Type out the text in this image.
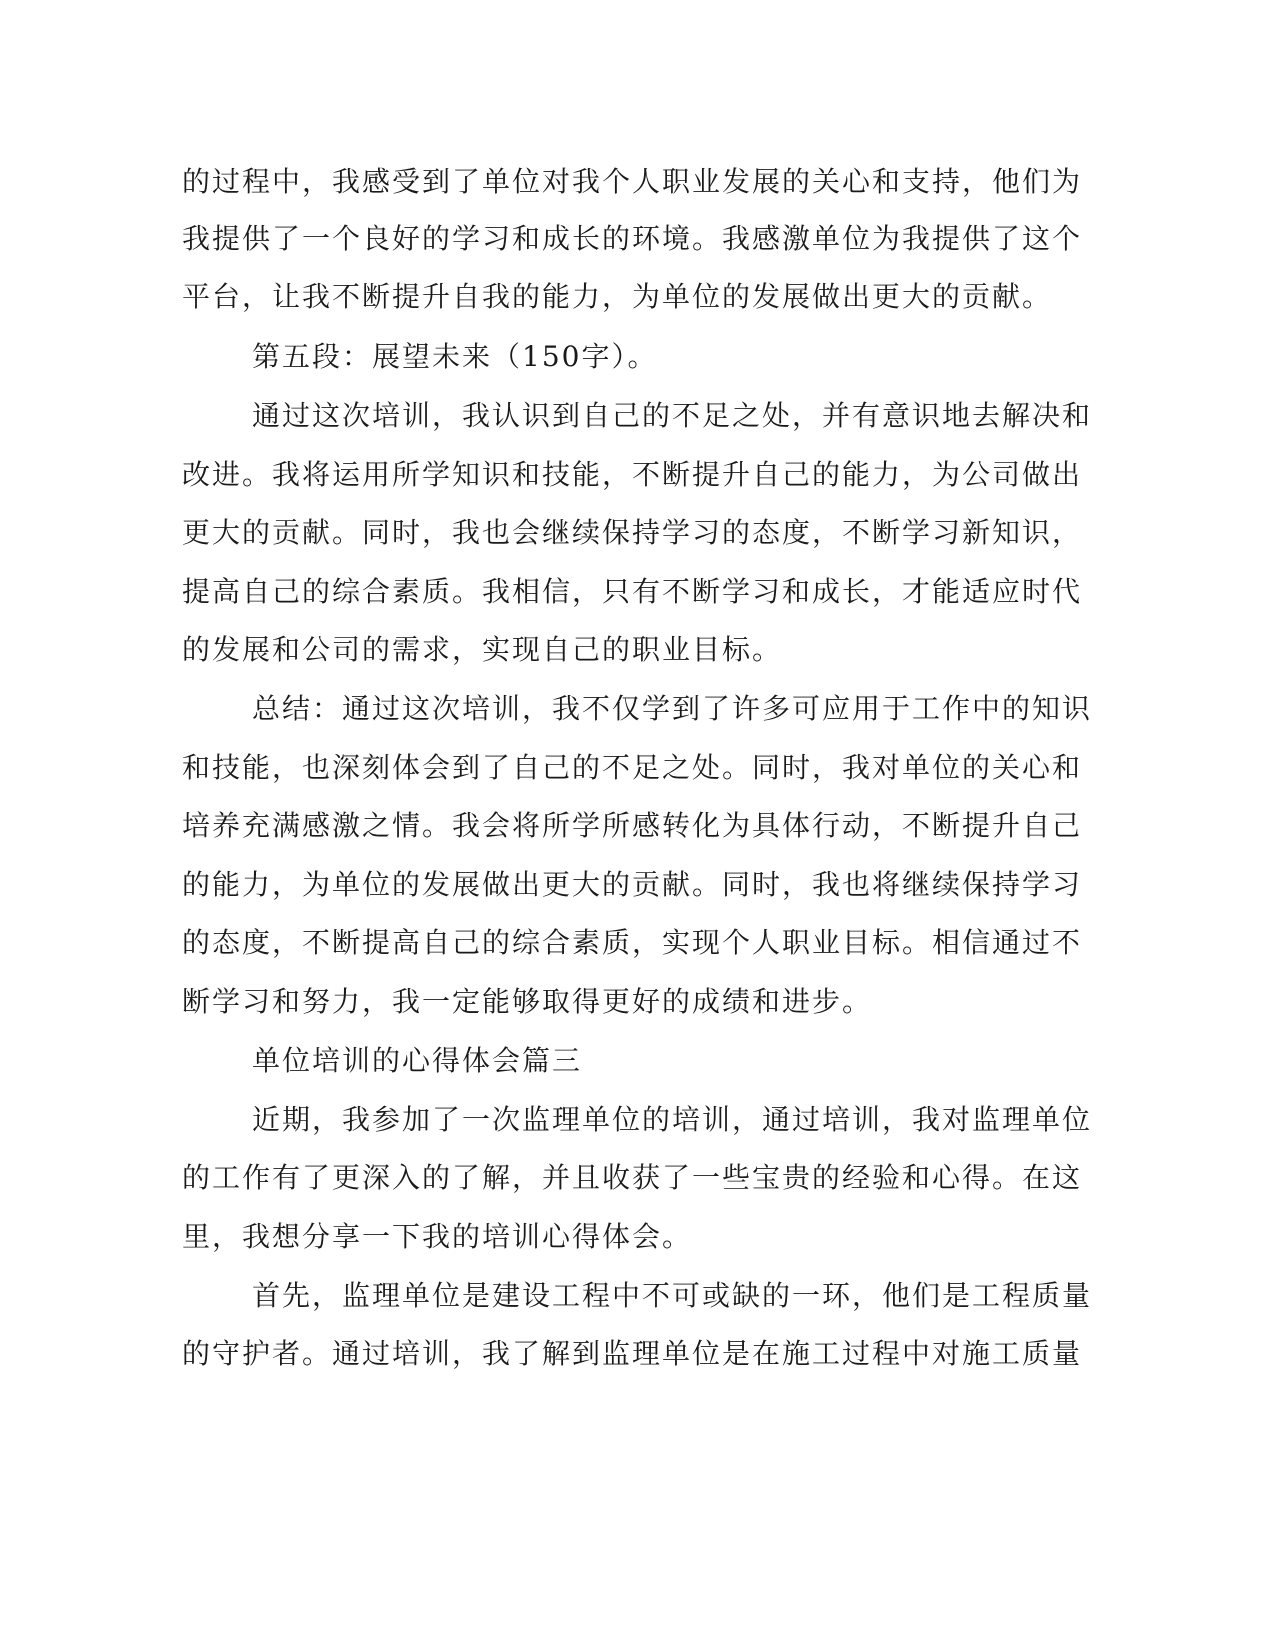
的过程中，我感受到了单位对我个人职业发展的关心和支持，他们为
我提供了一个良好的学习和成长的环境。我感激单位为我提供了这个
平台，让我不断提升自我的能力，为单位的发展做出更大的贡献。
第五段：展望未来（150字）。
通过这次培训，我认识到自己的不足之处，并有意识地去解决和
改进。我将运用所学知识和技能，不断提升自己的能力，为公司做出
更大的贡献。同时，我也会继续保持学习的态度，不断学习新知识，
提高自己的综合素质。我相信，只有不断学习和成长，才能适应时代
的发展和公司的需求，实现自己的职业目标。
总结：通过这次培训，我不仅学到了许多可应用于工作中的知识
和技能，也深刻体会到了自己的不足之处。同时，我对单位的关心和
培养充满感激之情。我会将所学所感转化为具体行动，不断提升自己
的能力，为单位的发展做出更大的贡献。同时，我也将继续保持学习
的态度，不断提高自己的综合素质，实现个人职业目标。相信通过不
断学习和努力，我一定能够取得更好的成绩和进步。
单位培训的心得体会篇三
近期，我参加了一次监理单位的培训，通过培训，我对监理单位
的工作有了更深入的了解，并且收获了一些宝贵的经验和心得。在这
里，我想分享一下我的培训心得体会。
首先，监理单位是建设工程中不可或缺的一环，他们是工程质量
的守护者。通过培训，我了解到监理单位是在施工过程中对施工质量
